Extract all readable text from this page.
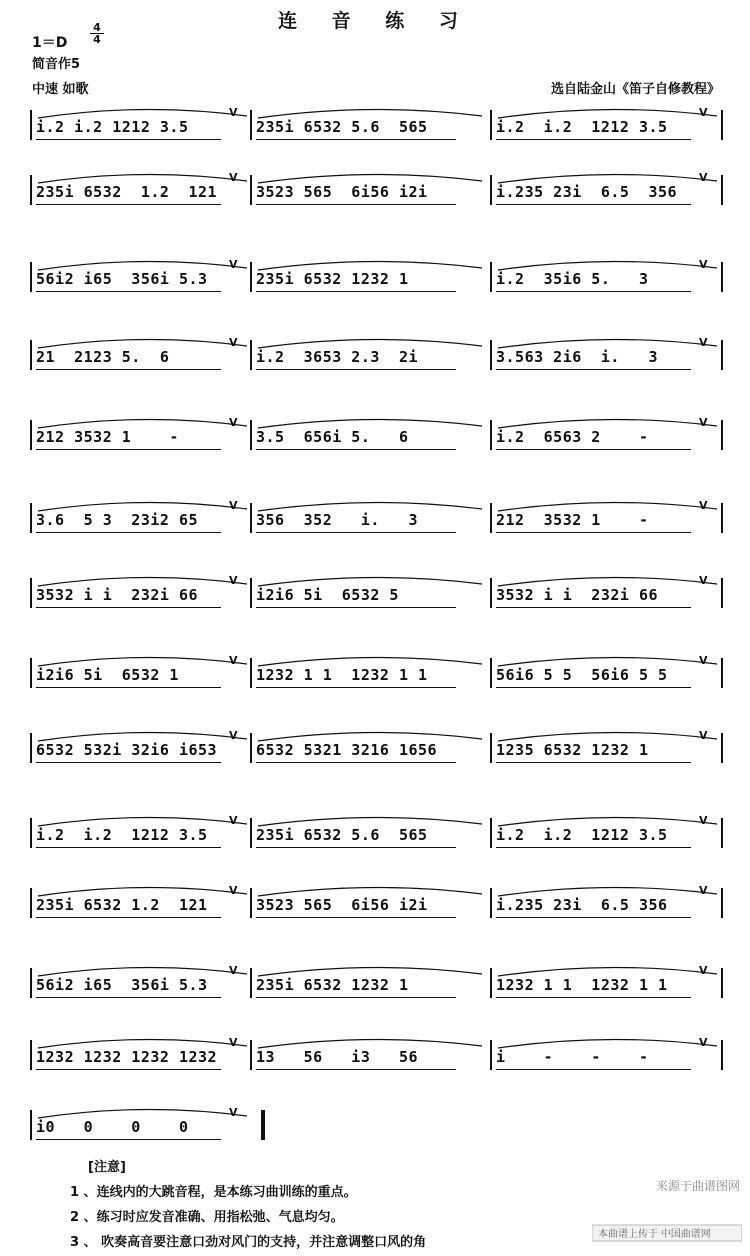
连 音 练 习
$1=D \frac{4}{4}$
简音作5
中速 如歌	选自陆金山《笛子自修教程》
i.2 i.2 1212 3.5
V
235i 6532 5.6  565	i.2  i.2  1212 3.5
V
235i 6532  1.2  121
V
3523 565  6i56 i2i	i.235 23i  6.5  356
V
56i2 i65  356i 5.3
V
235i 6532 1232 1	i.2  35i6 5.   3
V
21  2123 5.  6
V
i.2  3653 2.3  2i	3.563 2i6  i.   3
V
212 3532 1    -
V
3.5  656i 5.   6	i.2  6563 2    -
V
3.6  5 3  23i2 65
V
356  352   i.   3	212  3532 1    -
V
3532 i i  232i 66
V
i2i6 5i  6532 5	3532 i i  232i 66
V
i2i6 5i  6532 1
V
1232 1 1  1232 1 1	56i6 5 5  56i6 5 5
V
6532 532i 32i6 i653
V
6532 5321 3216 1656	1235 6532 1232 1
V
i.2  i.2  1212 3.5
V
235i 6532 5.6  565	i.2  i.2  1212 3.5
V
235i 6532 1.2  121
V
3523 565  6i56 i2i	i.235 23i  6.5 356
V
56i2 i65  356i 5.3
V
235i 6532 1232 1	1232 1 1  1232 1 1
V
1232 1232 1232 1232
V
13   56   i3   56	i    -    -    -
V
i0   0    0    0
V
[注意]
1 、连线内的大跳音程，是本练习曲训练的重点。
2 、练习时应发音准确、用指松弛、气息均匀。
3 、 吹奏高音要注意口劲对风门的支持，并注意调整口风的角
来源于曲谱图网
本曲谱上传于 中国曲谱网
